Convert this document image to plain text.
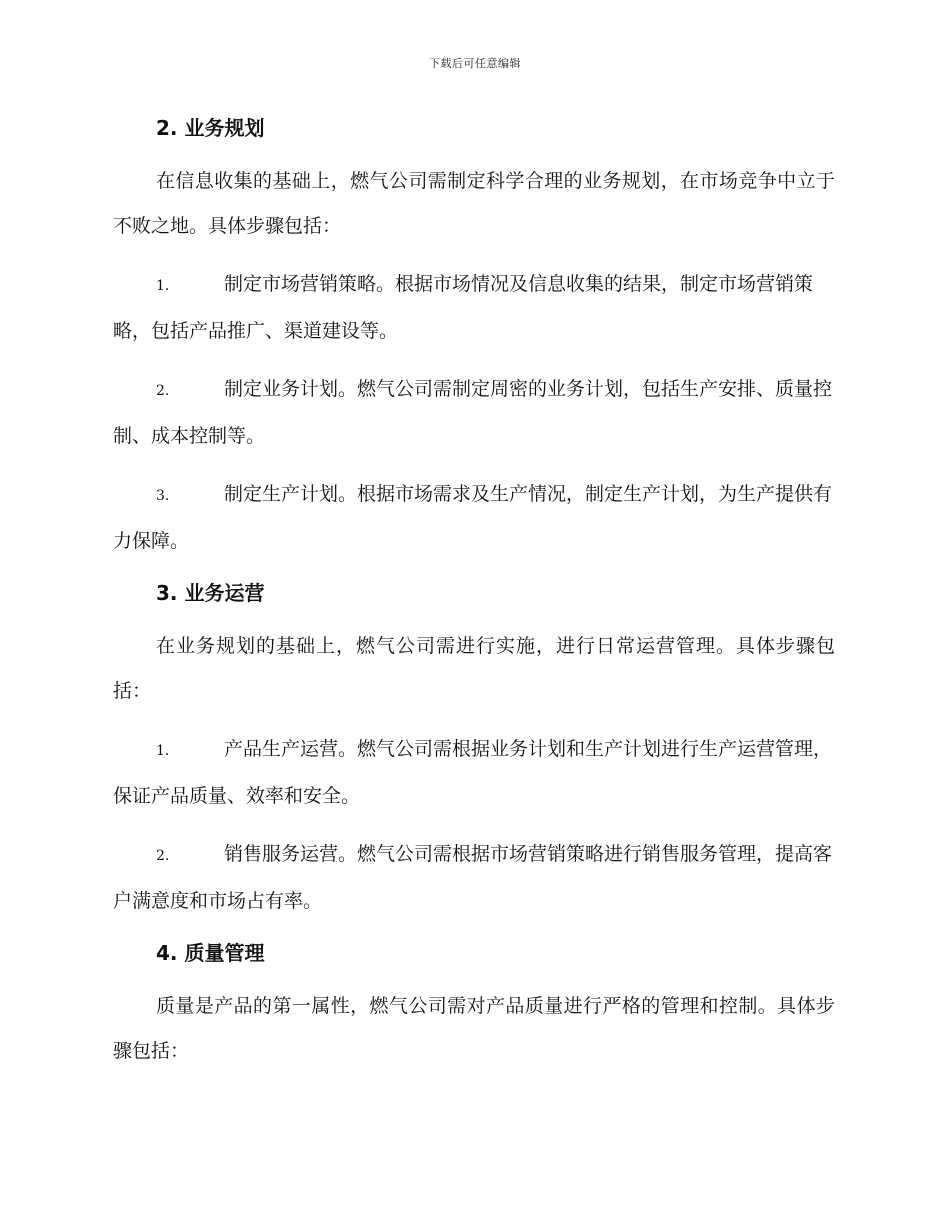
下载后可任意编辑
2. 业务规划

在信息收集的基础上，燃气公司需制定科学合理的业务规划，在市场竞争中立于不败之地。具体步骤包括：

1.	制定市场营销策略。根据市场情况及信息收集的结果，制定市场营销策略，包括产品推广、渠道建设等。
2.	制定业务计划。燃气公司需制定周密的业务计划，包括生产安排、质量控制、成本控制等。
3.	制定生产计划。根据市场需求及生产情况，制定生产计划，为生产提供有力保障。
3. 业务运营

在业务规划的基础上，燃气公司需进行实施，进行日常运营管理。具体步骤包括：

1.	产品生产运营。燃气公司需根据业务计划和生产计划进行生产运营管理，保证产品质量、效率和安全。
2.	销售服务运营。燃气公司需根据市场营销策略进行销售服务管理，提高客户满意度和市场占有率。
4. 质量管理

质量是产品的第一属性，燃气公司需对产品质量进行严格的管理和控制。具体步骤包括：
